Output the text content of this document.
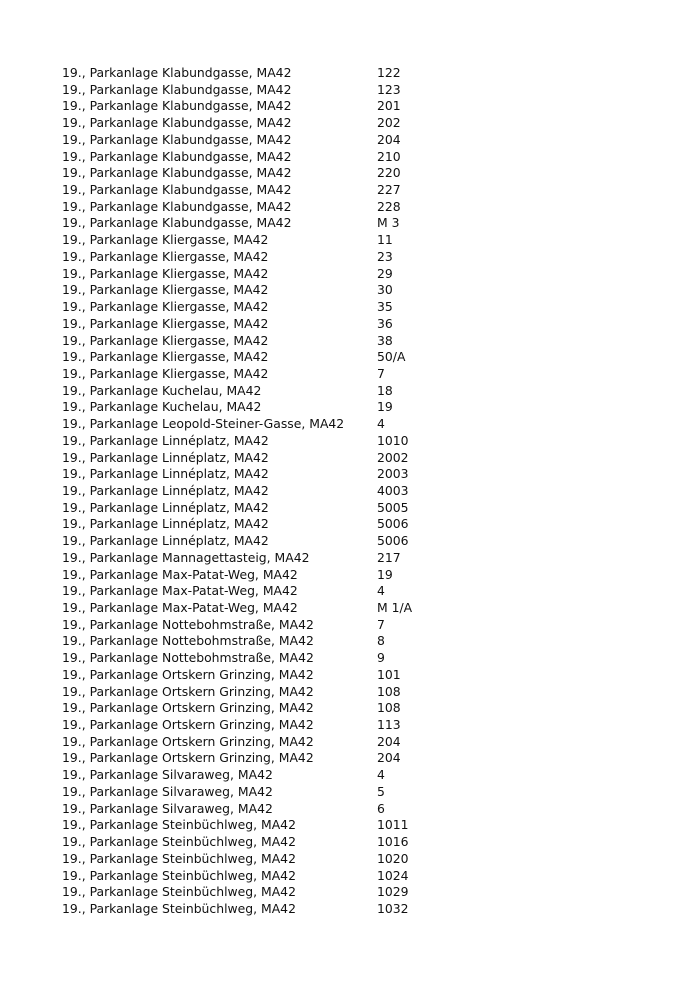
19., Parkanlage Klabundgasse, MA42	122
19., Parkanlage Klabundgasse, MA42	123
19., Parkanlage Klabundgasse, MA42	201
19., Parkanlage Klabundgasse, MA42	202
19., Parkanlage Klabundgasse, MA42	204
19., Parkanlage Klabundgasse, MA42	210
19., Parkanlage Klabundgasse, MA42	220
19., Parkanlage Klabundgasse, MA42	227
19., Parkanlage Klabundgasse, MA42	228
19., Parkanlage Klabundgasse, MA42	M 3
19., Parkanlage Kliergasse, MA42	11
19., Parkanlage Kliergasse, MA42	23
19., Parkanlage Kliergasse, MA42	29
19., Parkanlage Kliergasse, MA42	30
19., Parkanlage Kliergasse, MA42	35
19., Parkanlage Kliergasse, MA42	36
19., Parkanlage Kliergasse, MA42	38
19., Parkanlage Kliergasse, MA42	50/A
19., Parkanlage Kliergasse, MA42	7
19., Parkanlage Kuchelau, MA42	18
19., Parkanlage Kuchelau, MA42	19
19., Parkanlage Leopold-Steiner-Gasse, MA42	4
19., Parkanlage Linnéplatz, MA42	1010
19., Parkanlage Linnéplatz, MA42	2002
19., Parkanlage Linnéplatz, MA42	2003
19., Parkanlage Linnéplatz, MA42	4003
19., Parkanlage Linnéplatz, MA42	5005
19., Parkanlage Linnéplatz, MA42	5006
19., Parkanlage Linnéplatz, MA42	5006
19., Parkanlage Mannagettasteig, MA42	217
19., Parkanlage Max-Patat-Weg, MA42	19
19., Parkanlage Max-Patat-Weg, MA42	4
19., Parkanlage Max-Patat-Weg, MA42	M 1/A
19., Parkanlage Nottebohmstraße, MA42	7
19., Parkanlage Nottebohmstraße, MA42	8
19., Parkanlage Nottebohmstraße, MA42	9
19., Parkanlage Ortskern Grinzing, MA42	101
19., Parkanlage Ortskern Grinzing, MA42	108
19., Parkanlage Ortskern Grinzing, MA42	108
19., Parkanlage Ortskern Grinzing, MA42	113
19., Parkanlage Ortskern Grinzing, MA42	204
19., Parkanlage Ortskern Grinzing, MA42	204
19., Parkanlage Silvaraweg, MA42	4
19., Parkanlage Silvaraweg, MA42	5
19., Parkanlage Silvaraweg, MA42	6
19., Parkanlage Steinbüchlweg, MA42	1011
19., Parkanlage Steinbüchlweg, MA42	1016
19., Parkanlage Steinbüchlweg, MA42	1020
19., Parkanlage Steinbüchlweg, MA42	1024
19., Parkanlage Steinbüchlweg, MA42	1029
19., Parkanlage Steinbüchlweg, MA42	1032
